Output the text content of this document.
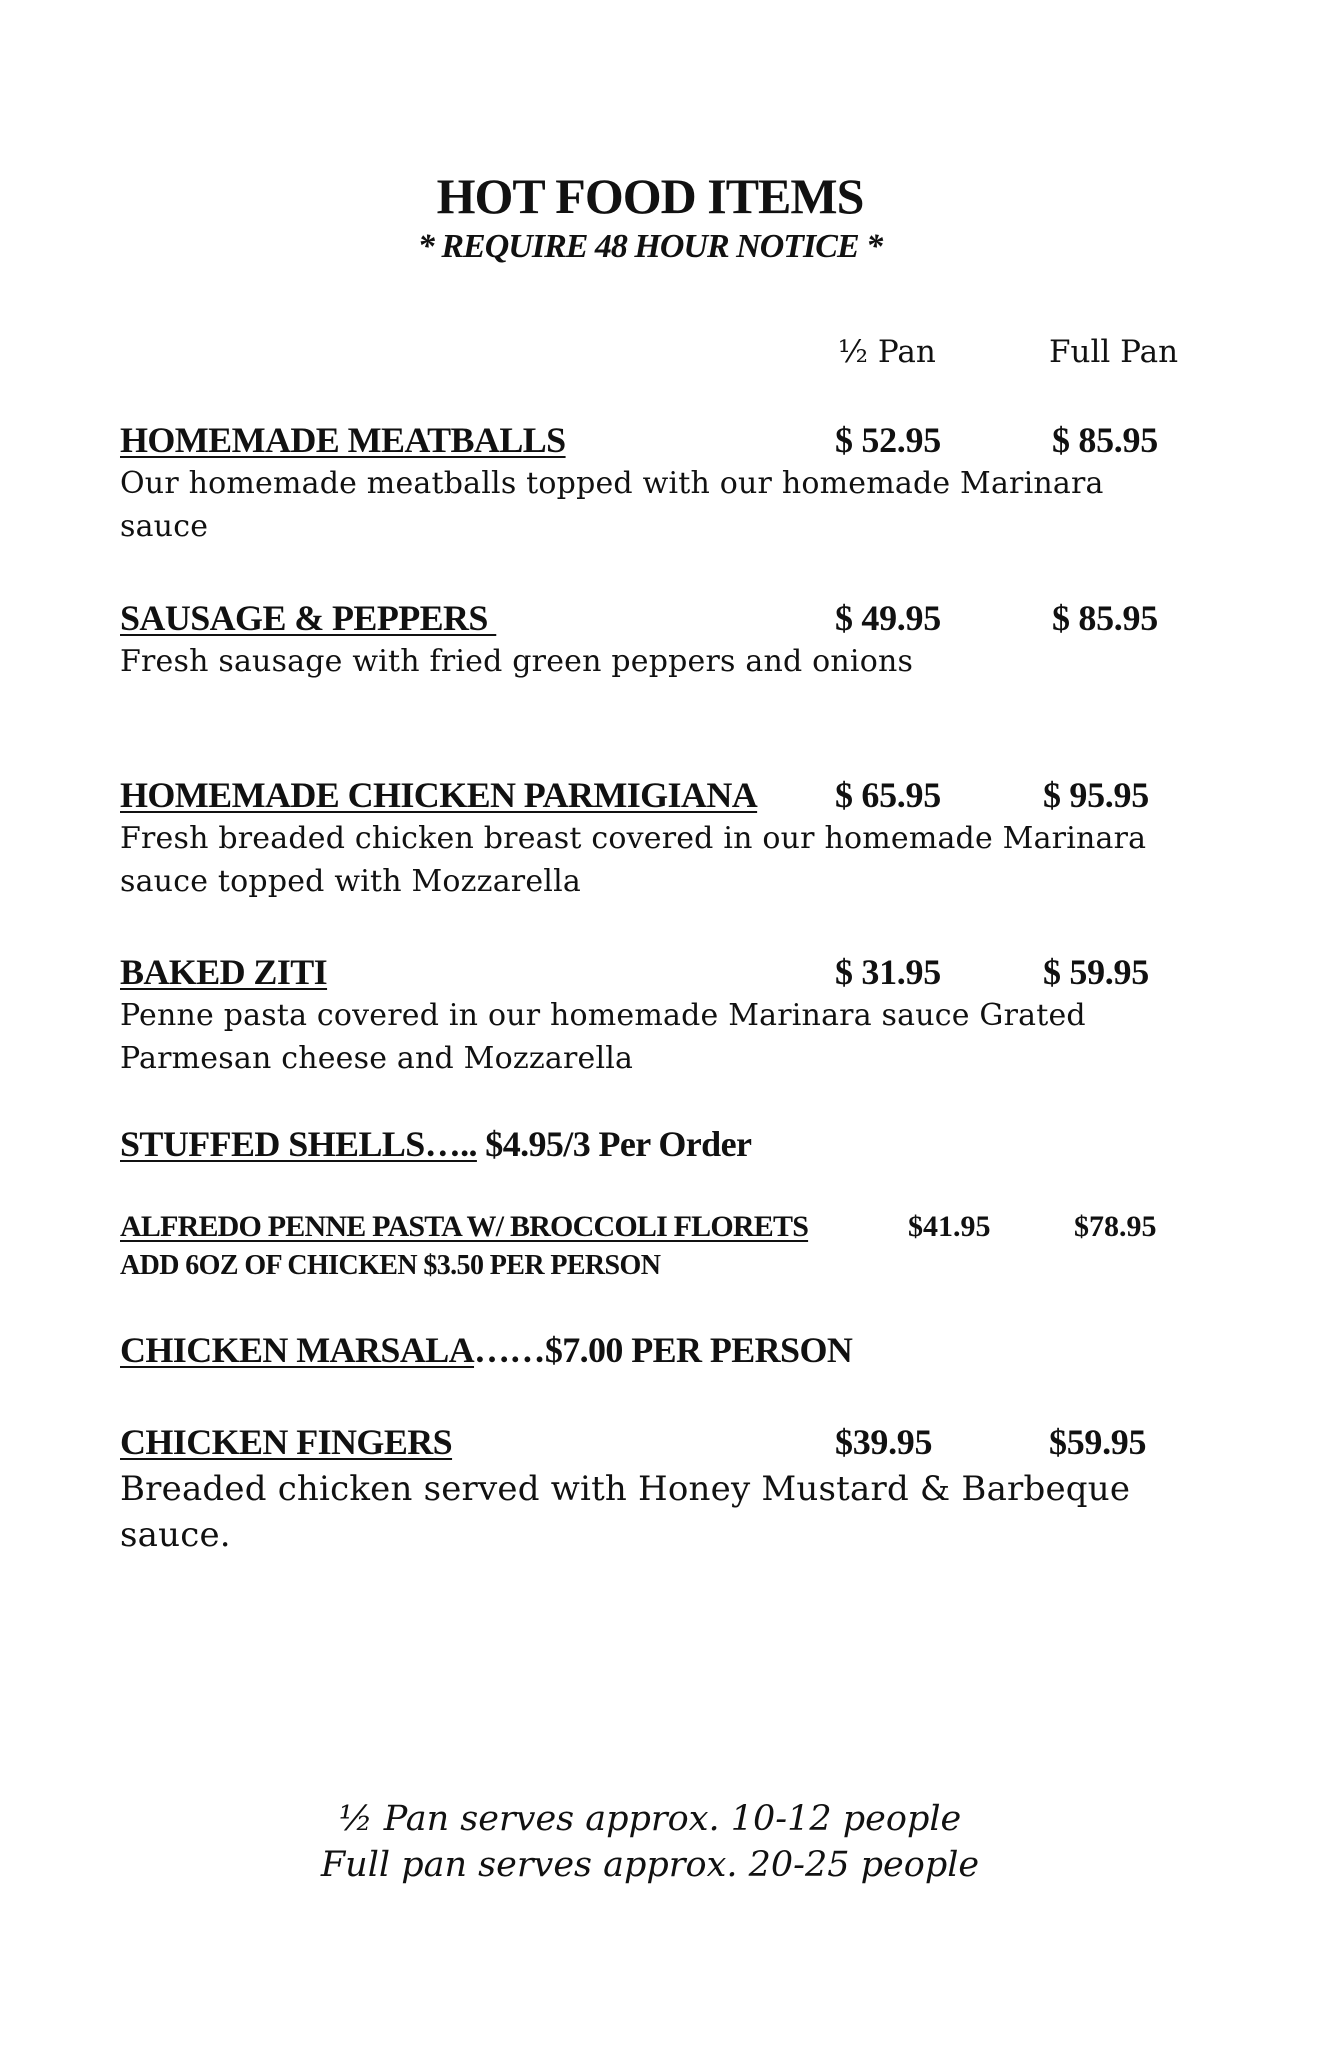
HOT FOOD ITEMS
* REQUIRE 48 HOUR NOTICE *
½ Pan	Full Pan
HOMEMADE MEATBALLS	$ 52.95	$ 85.95
Our homemade meatballs topped with our homemade Marinara
sauce
SAUSAGE & PEPPERS	$ 49.95	$ 85.95
Fresh sausage with fried green peppers and onions
HOMEMADE CHICKEN PARMIGIANA $ 65.95	$ 95.95
Fresh breaded chicken breast covered in our homemade Marinara
sauce topped with Mozzarella
BAKED ZITI	$ 31.95	$ 59.95
Penne pasta covered in our homemade Marinara sauce Grated
Parmesan cheese and Mozzarella
STUFFED SHELLS….. $4.95/3 Per Order
ALFREDO PENNE PASTA W/ BROCCOLI FLORETS	$41.95	$78.95
ADD 6OZ OF CHICKEN $3.50 PER PERSON
CHICKEN MARSALA……$7.00 PER PERSON
CHICKEN FINGERS	$39.95	$59.95
Breaded chicken served with Honey Mustard & Barbeque
sauce.
½ Pan serves approx. 10-12 people
Full pan serves approx. 20-25 people
